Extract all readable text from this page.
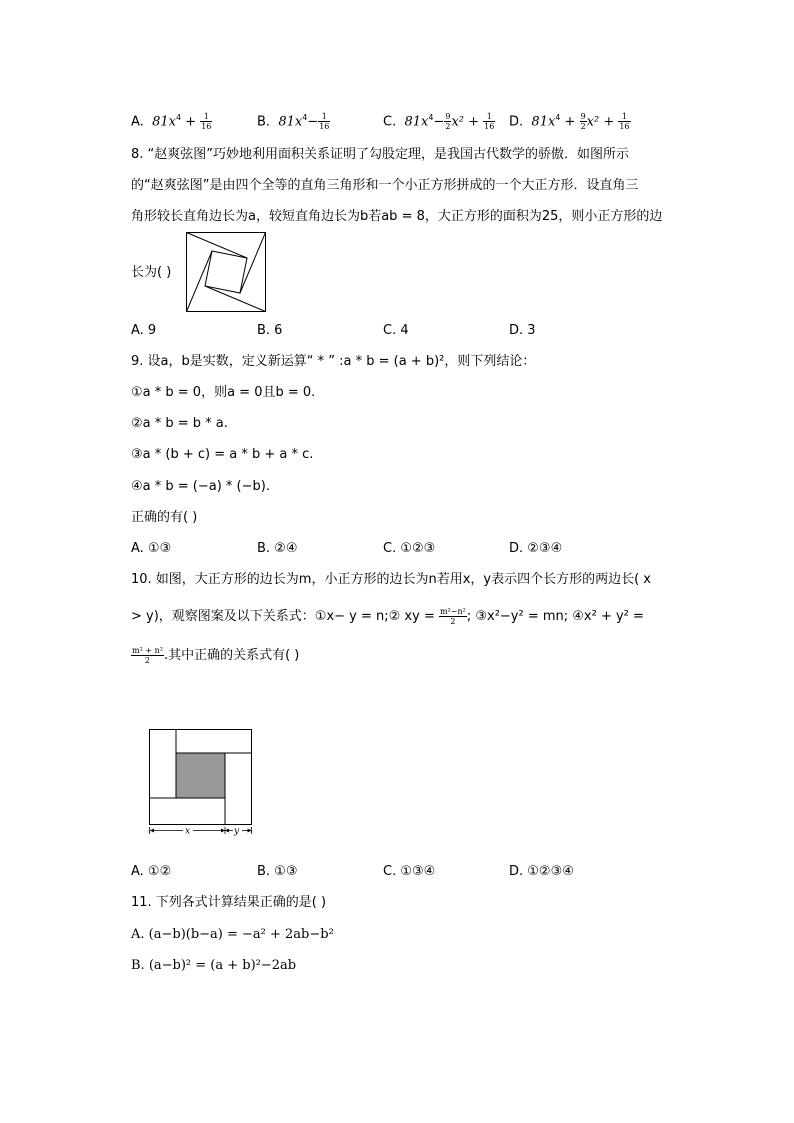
A. $81x^4 + \frac{1}{16}$	B. $81x^4- \frac{1}{16}$	C. $81x^4- \frac{9}{2} x^2 + \frac{1}{16} D$. $81x^4 + \frac{9}{2} x^2 + \frac{1}{16}$
8. “赵爽弦图”巧妙地利用面积关系证明了勾股定理，是我国古代数学的骄傲．如图所示
的“赵爽弦图”是由四个全等的直角三角形和一个小正方形拼成的一个大正方形．设直角三
角形较长直角边长为a，较短直角边长为b若ab = 8，大正方形的面积为25，则小正方形的边
长为( )
A. 9	B. 6	C. 4	D. 3
9. 设a，b是实数，定义新运算“ * ” :a * b = (a + b)²，则下列结论：
①a * b = 0，则a = 0且b = 0.
②a * b = b * a.
③a * (b + c) = a * b + a * c.
④a * b = (−a) * (−b).
正确的有( )
A. ①③	B. ②④	C. ①②③	D. ②③④
10. 如图，大正方形的边长为m，小正方形的边长为n若用x，y表示四个长方形的两边长( x
> y)，观察图案及以下关系式：①x− y = n;② xy = $\frac{\text{m²−n²}}{2}$ ; ③x²−y² = mn; ④x² + y² =
$\frac{\text{m² + n²}}{2}$ .其中正确的关系式有( )
x	y
A. ①②	B. ①③	C. ①③④	D. ①②③④
11. 下列各式计算结果正确的是( )
A. (a−b)(b−a) = −a² + 2ab−b²
B. (a−b)² = (a + b)²−2ab
